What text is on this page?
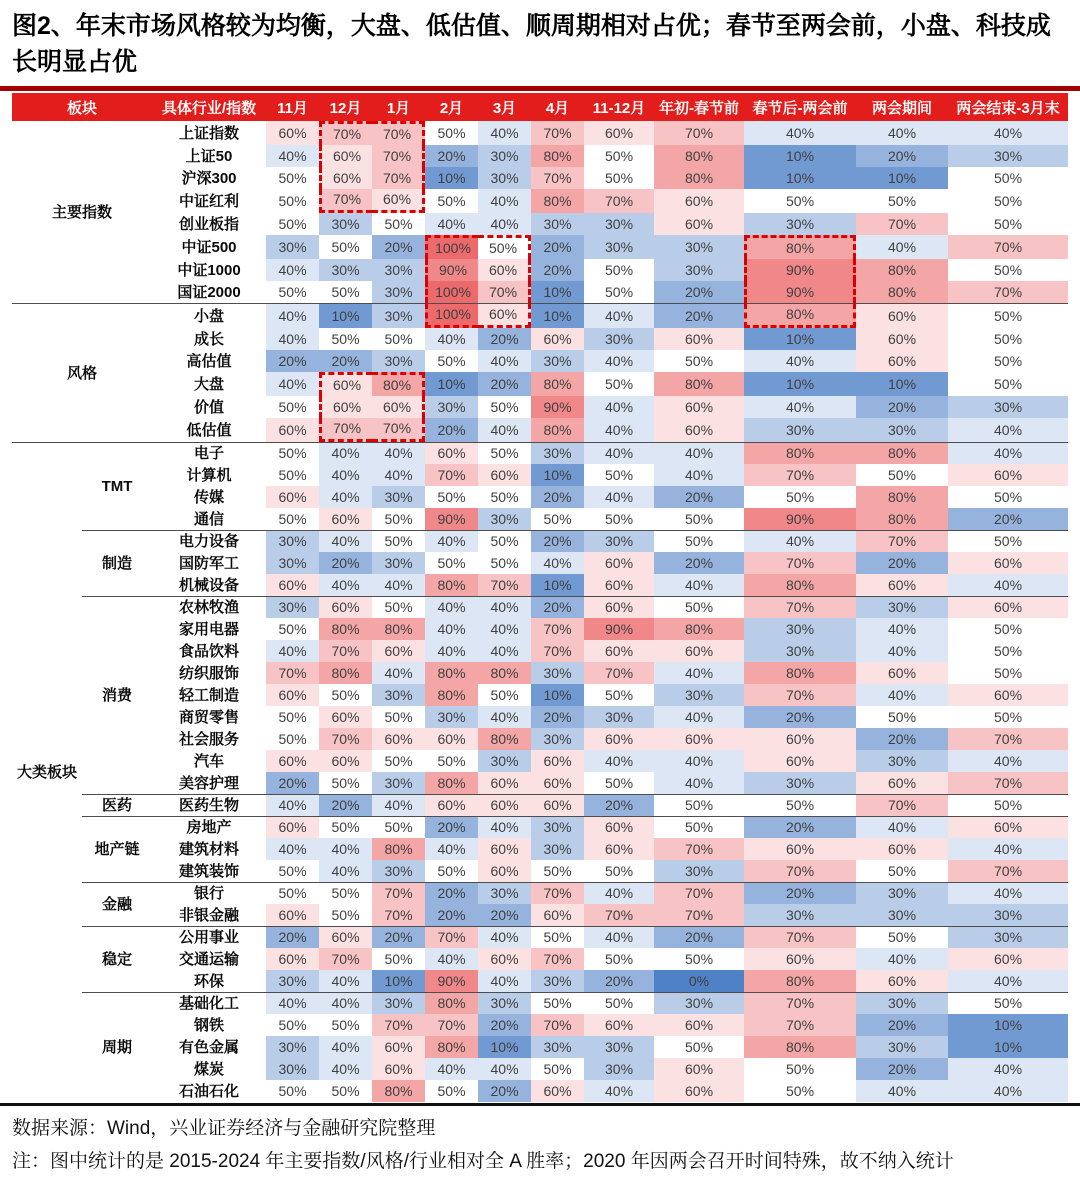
图2、年末市场风格较为均衡，大盘、低估值、顺周期相对占优；春节至两会前，小盘、科技成长明显占优
板块		具体行业/指数	11月	12月	1月	2月	3月	4月	11-12月	年初-春节前	春节后-两会前	两会期间	两会结束-3月末
主要指数		上证指数	60%	70%	70%	50%	40%	70%	60%	70%	40%	40%	40%
		上证50	40%	60%	70%	20%	30%	80%	50%	80%	10%	20%	30%
		沪深300	50%	60%	70%	10%	30%	70%	50%	80%	10%	10%	50%
		中证红利	50%	70%	60%	50%	40%	80%	70%	60%	50%	50%	50%
		创业板指	50%	30%	50%	40%	40%	30%	30%	60%	30%	70%	50%
		中证500	30%	50%	20%	100%	50%	20%	30%	30%	80%	40%	70%
		中证1000	40%	30%	30%	90%	60%	20%	50%	30%	90%	80%	50%
		国证2000	50%	50%	30%	100%	70%	10%	50%	20%	90%	80%	70%
风格		小盘	40%	10%	30%	100%	60%	10%	40%	20%	80%	60%	50%
		成长	40%	50%	50%	40%	20%	60%	30%	60%	10%	60%	50%
		高估值	20%	20%	30%	50%	40%	30%	40%	50%	40%	60%	50%
		大盘	40%	60%	80%	10%	20%	80%	50%	80%	10%	10%	50%
		价值	50%	60%	60%	30%	50%	90%	40%	60%	40%	20%	30%
		低估值	60%	70%	70%	20%	40%	80%	40%	60%	30%	30%	40%
大类板块	TMT	电子	50%	40%	40%	60%	50%	30%	40%	40%	80%	80%	40%
		计算机	50%	40%	40%	70%	60%	10%	50%	40%	70%	50%	60%
		传媒	60%	40%	30%	50%	50%	20%	40%	20%	50%	80%	50%
		通信	50%	60%	50%	90%	30%	50%	50%	50%	90%	80%	20%
	制造	电力设备	30%	40%	50%	40%	50%	20%	30%	50%	40%	70%	50%
		国防军工	30%	20%	30%	50%	50%	40%	60%	20%	70%	20%	60%
		机械设备	60%	40%	40%	80%	70%	10%	60%	40%	80%	60%	40%
	消费	农林牧渔	30%	60%	50%	40%	40%	20%	60%	50%	70%	30%	60%
		家用电器	50%	80%	80%	40%	40%	70%	90%	80%	30%	40%	50%
		食品饮料	40%	70%	60%	40%	40%	70%	60%	60%	30%	40%	50%
		纺织服饰	70%	80%	40%	80%	80%	30%	70%	40%	80%	60%	50%
		轻工制造	60%	50%	30%	80%	50%	10%	50%	30%	70%	40%	60%
		商贸零售	50%	60%	50%	30%	40%	20%	30%	40%	20%	50%	50%
		社会服务	50%	70%	60%	60%	80%	30%	60%	60%	60%	20%	70%
		汽车	60%	60%	50%	50%	30%	60%	40%	40%	60%	30%	40%
		美容护理	20%	50%	30%	80%	60%	60%	50%	40%	30%	60%	70%
	医药	医药生物	40%	20%	40%	60%	60%	60%	20%	50%	50%	70%	50%
	地产链	房地产	60%	50%	50%	20%	40%	30%	60%	50%	20%	40%	60%
		建筑材料	40%	40%	80%	40%	60%	30%	60%	70%	60%	60%	40%
		建筑装饰	50%	40%	30%	50%	60%	50%	50%	30%	70%	50%	70%
	金融	银行	50%	50%	70%	20%	30%	70%	40%	70%	20%	30%	40%
		非银金融	60%	50%	70%	20%	20%	60%	70%	70%	30%	30%	30%
	稳定	公用事业	20%	60%	20%	70%	40%	50%	40%	20%	70%	50%	30%
		交通运输	60%	70%	50%	40%	60%	70%	50%	50%	60%	40%	60%
		环保	30%	40%	10%	90%	40%	30%	20%	0%	80%	60%	40%
	周期	基础化工	40%	40%	30%	80%	30%	50%	50%	30%	70%	30%	50%
		钢铁	50%	50%	70%	70%	20%	70%	60%	60%	70%	20%	10%
		有色金属	30%	40%	60%	80%	10%	30%	30%	50%	80%	30%	10%
		煤炭	30%	40%	60%	40%	40%	50%	30%	60%	50%	20%	40%
		石油石化	50%	50%	80%	50%	20%	60%	40%	60%	50%	40%	40%
数据来源：Wind，兴业证券经济与金融研究院整理
注：图中统计的是 2015-2024 年主要指数/风格/行业相对全 A 胜率；2020 年因两会召开时间特殊，故不纳入统计
